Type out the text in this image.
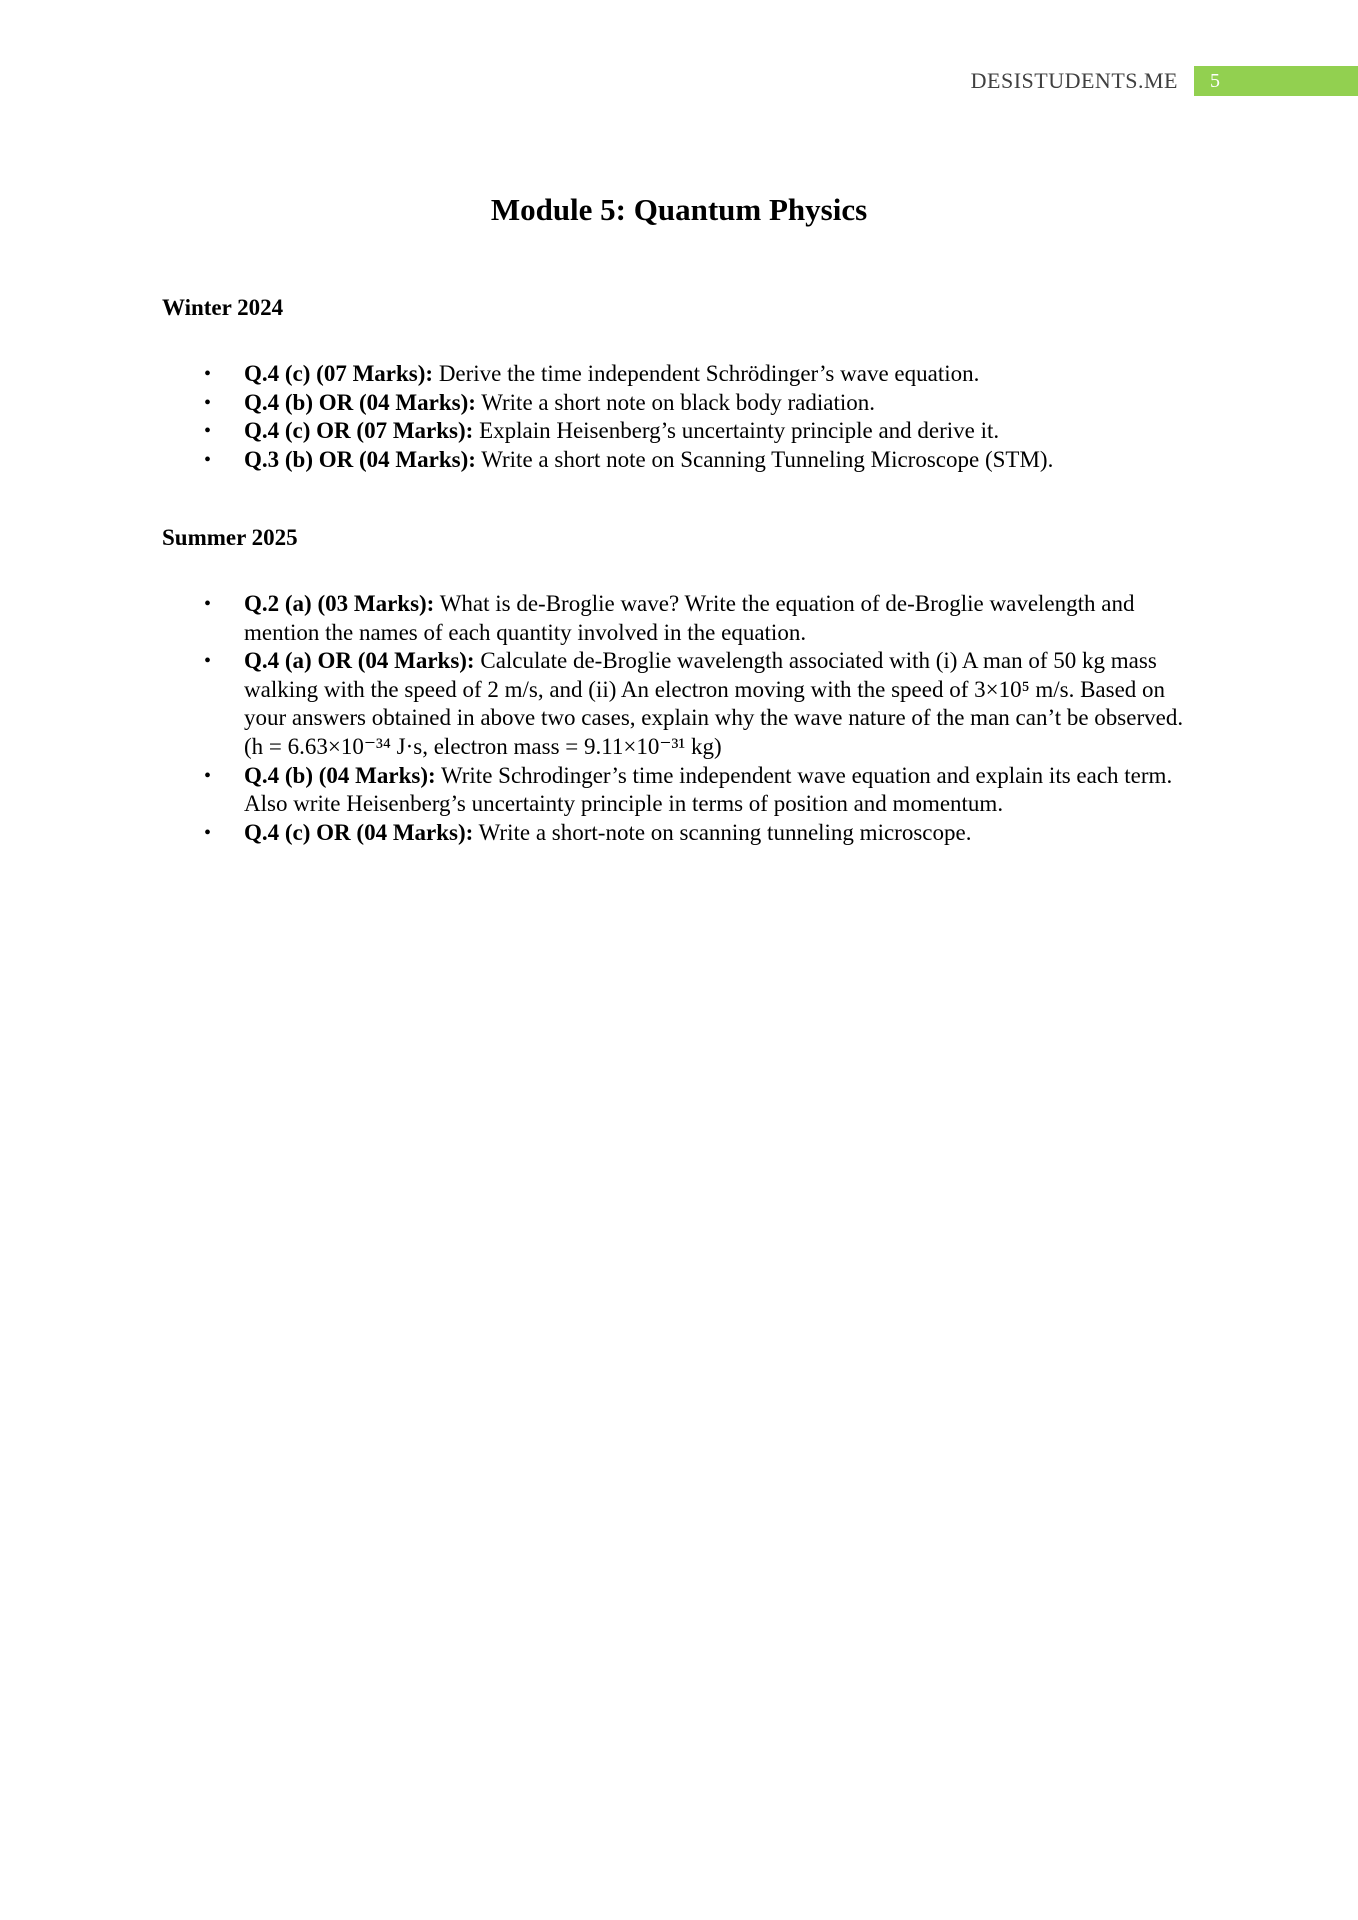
DESISTUDENTS.ME	5
Module 5: Quantum Physics
Winter 2024
• Q.4 (c) (07 Marks): Derive the time independent Schrödinger’s wave equation.
• Q.4 (b) OR (04 Marks): Write a short note on black body radiation.
• Q.4 (c) OR (07 Marks): Explain Heisenberg’s uncertainty principle and derive it.
• Q.3 (b) OR (04 Marks): Write a short note on Scanning Tunneling Microscope (STM).
Summer 2025
• Q.2 (a) (03 Marks): What is de-Broglie wave? Write the equation of de-Broglie wavelength and mention the names of each quantity involved in the equation.
• Q.4 (a) OR (04 Marks): Calculate de-Broglie wavelength associated with (i) A man of 50 kg mass walking with the speed of 2 m/s, and (ii) An electron moving with the speed of 3×10⁵ m/s. Based on your answers obtained in above two cases, explain why the wave nature of the man can’t be observed. (h = 6.63×10⁻³⁴ J·s, electron mass = 9.11×10⁻³¹ kg)
• Q.4 (b) (04 Marks): Write Schrodinger’s time independent wave equation and explain its each term. Also write Heisenberg’s uncertainty principle in terms of position and momentum.
• Q.4 (c) OR (04 Marks): Write a short-note on scanning tunneling microscope.
